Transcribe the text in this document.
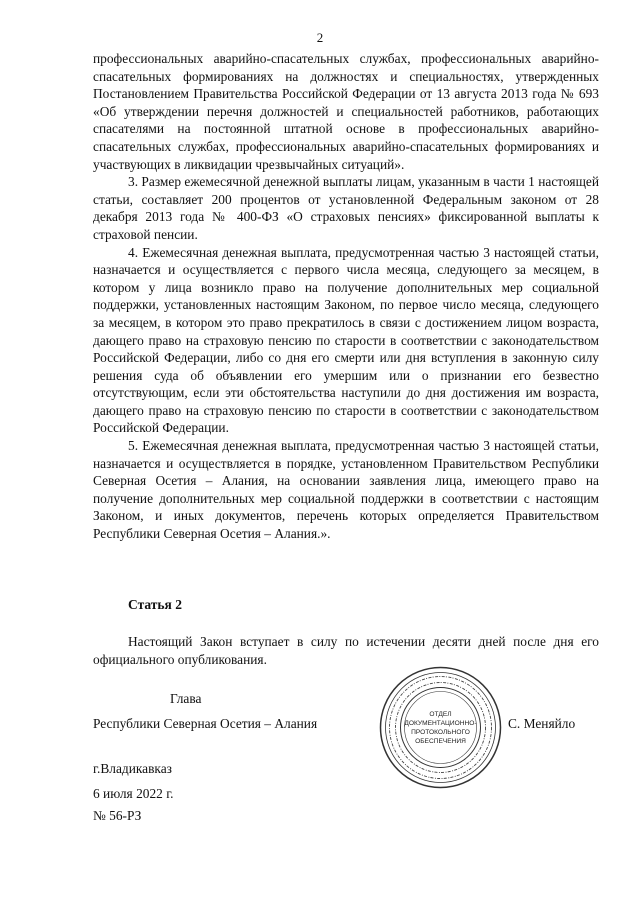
2

профессиональных аварийно-спасательных службах, профессиональных аварийно-спасательных формированиях на должностях и специальностях, утвержденных Постановлением Правительства Российской Федерации от 13 августа 2013 года № 693 «Об утверждении перечня должностей и специальностей работников, работающих спасателями на постоянной штатной основе в профессиональных аварийно-спасательных службах, профессиональных аварийно-спасательных формированиях и участвующих в ликвидации чрезвычайных ситуаций».

3. Размер ежемесячной денежной выплаты лицам, указанным в части 1 настоящей статьи, составляет 200 процентов от установленной Федеральным законом от 28 декабря 2013 года № 400-ФЗ «О страховых пенсиях» фиксированной выплаты к страховой пенсии.

4. Ежемесячная денежная выплата, предусмотренная частью 3 настоящей статьи, назначается и осуществляется с первого числа месяца, следующего за месяцем, в котором у лица возникло право на получение дополнительных мер социальной поддержки, установленных настоящим Законом, по первое число месяца, следующего за месяцем, в котором это право прекратилось в связи с достижением лицом возраста, дающего право на страховую пенсию по старости в соответствии с законодательством Российской Федерации, либо со дня его смерти или дня вступления в законную силу решения суда об объявлении его умершим или о признании его безвестно отсутствующим, если эти обстоятельства наступили до дня достижения им возраста, дающего право на страховую пенсию по старости в соответствии с законодательством Российской Федерации.

5. Ежемесячная денежная выплата, предусмотренная частью 3 настоящей статьи, назначается и осуществляется в порядке, установленном Правительством Республики Северная Осетия – Алания, на основании заявления лица, имеющего право на получение дополнительных мер социальной поддержки в соответствии с настоящим Законом, и иных документов, перечень которых определяется Правительством Республики Северная Осетия – Алания.».

Статья 2
Настоящий Закон вступает в силу по истечении десяти дней после дня его официального опубликования.
Глава
Республики Северная Осетия – Алания	С. Меняйло
ОТДЕЛ
ДОКУМЕНТАЦИОННО-
ПРОТОКОЛЬНОГО
ОБЕСПЕЧЕНИЯ
г.Владикавказ
6 июля 2022 г.
№ 56-РЗ
